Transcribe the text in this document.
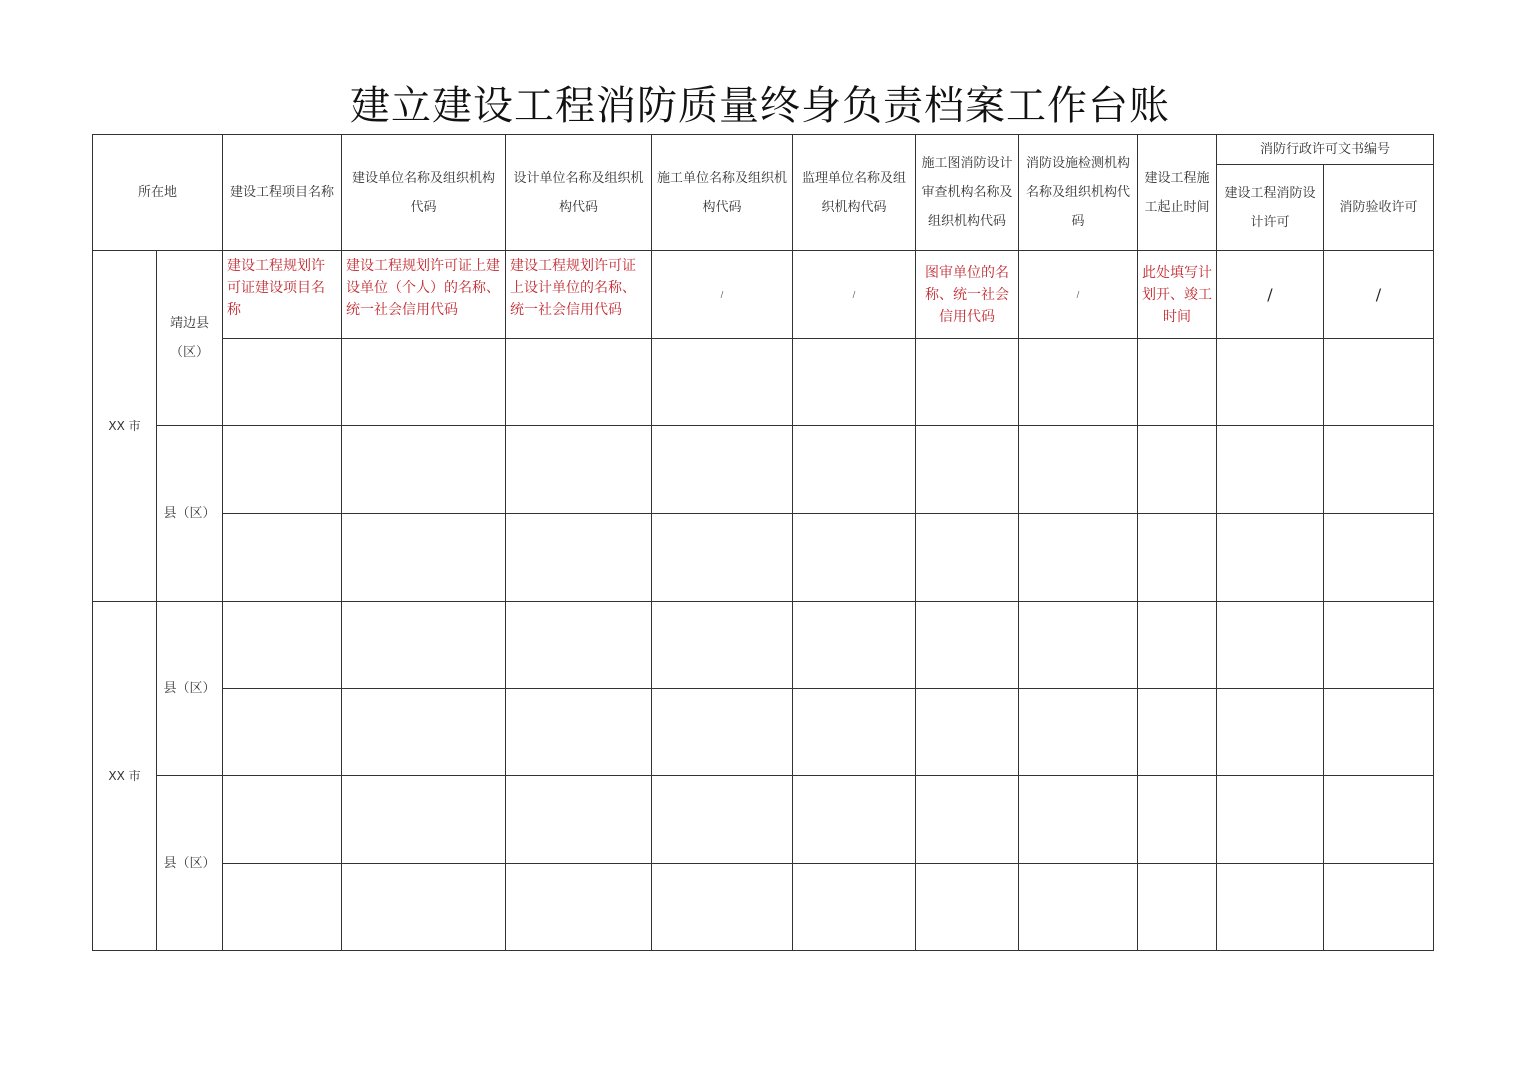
建立建设工程消防质量终身负责档案工作台账
所在地		建设工程项目名称	建设单位名称及组织机构代码	设计单位名称及组织机构代码	施工单位名称及组织机构代码	监理单位名称及组织机构代码	施工图消防设计审查机构名称及组织机构代码	消防设施检测机构名称及组织机构代码	建设工程施工起止时间	消防行政许可文书编号	
										建设工程消防设计许可	消防验收许可
XX 市	靖边县（区）	建设工程规划许可证建设项目名称	建设工程规划许可证上建设单位（个人）的名称、统一社会信用代码	建设工程规划许可证上设计单位的名称、统一社会信用代码	/	/	图审单位的名称、统一社会信用代码	/	此处填写计划开、竣工时间	/	/

	县（区）										

XX 市	县（区）										

	县（区）										
